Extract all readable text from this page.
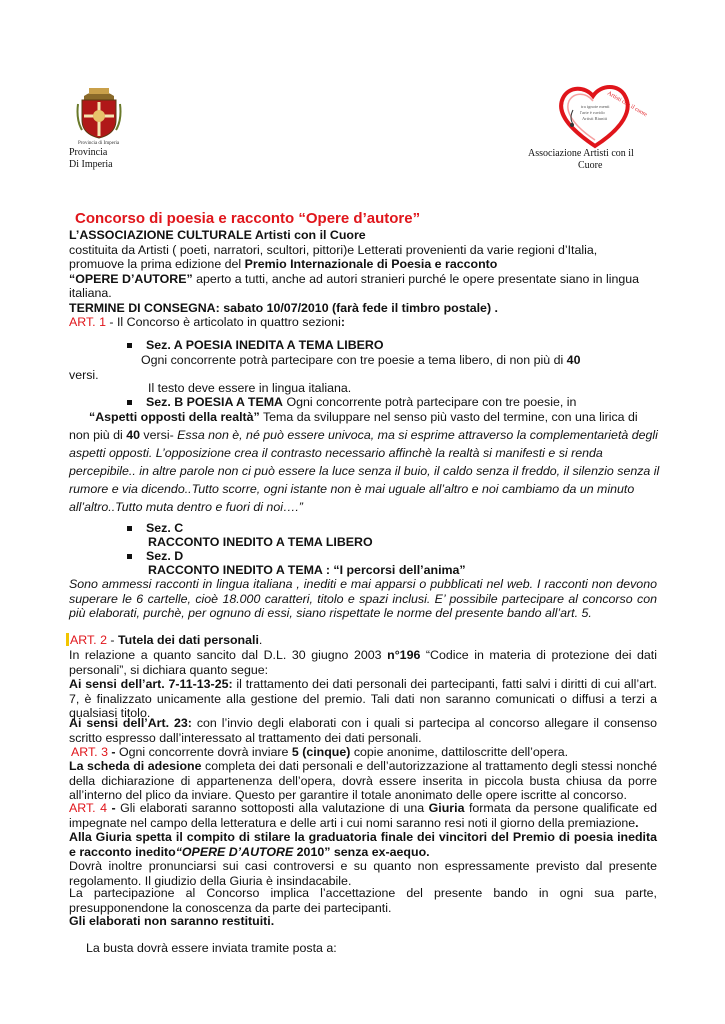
Provincia di Imperia
Provincia
Di Imperia
Artisti con il cuore
tra ignote menti
l'arte è ruvido
Artisti Riuniti
Associazione Artisti con il
Cuore
Concorso di poesia e racconto “Opere d’autore”
L’ASSOCIAZIONE CULTURALE Artisti con il Cuore
costituita da Artisti ( poeti, narratori, scultori, pittori)e Letterati provenienti da varie regioni d’Italia,
promuove la prima edizione del Premio Internazionale di Poesia e racconto
“OPERE D’AUTORE” aperto a tutti, anche ad autori stranieri purché le opere presentate siano in lingua
italiana.
TERMINE DI CONSEGNA: sabato 10/07/2010 (farà fede il timbro postale) .
ART. 1 - Il Concorso è articolato in quattro sezioni:
Sez. A POESIA INEDITA A TEMA LIBERO
Ogni concorrente potrà partecipare con tre poesie a tema libero, di non più di 40
versi.
Il testo deve essere in lingua italiana.
Sez. B POESIA A TEMA Ogni concorrente potrà partecipare con tre poesie, in
“Aspetti opposti della realtà” Tema da sviluppare nel senso più vasto del termine, con una lirica di
non più di 40 versi- Essa non è, né può essere univoca, ma si esprime attraverso la complementarietà degli
aspetti opposti. L’opposizione crea il contrasto necessario affinchè la realtà si manifesti e si renda
percepibile.. in altre parole non ci può essere la luce senza il buio, il caldo senza il freddo, il silenzio senza il
rumore e via dicendo..Tutto scorre, ogni istante non è mai uguale all’altro e noi cambiamo da un minuto
all’altro..Tutto muta dentro e fuori di noi….”
Sez. C
RACCONTO INEDITO A TEMA LIBERO
Sez. D
RACCONTO INEDITO A TEMA : “I percorsi dell’anima”
Sono ammessi racconti in lingua italiana , inediti e mai apparsi o pubblicati nel web. I racconti non devono superare le 6 cartelle, cioè 18.000 caratteri, titolo e spazi inclusi. E’ possibile partecipare al concorso con più elaborati, purchè, per ognuno di essi, siano rispettate le norme del presente bando all’art. 5.
ART. 2 - Tutela dei dati personali.
In relazione a quanto sancito dal D.L. 30 giugno 2003 n°196 “Codice in materia di protezione dei dati personali”, si dichiara quanto segue:
Ai sensi dell’art. 7-11-13-25: il trattamento dei dati personali dei partecipanti, fatti salvi i diritti di cui all’art. 7, è finalizzato unicamente alla gestione del premio. Tali dati non saranno comunicati o diffusi a terzi a qualsiasi titolo.
Ai sensi dell’Art. 23: con l’invio degli elaborati con i quali si partecipa al concorso allegare il consenso scritto espresso dall’interessato al trattamento dei dati personali.
ART. 3 - Ogni concorrente dovrà inviare 5 (cinque) copie anonime, dattiloscritte dell’opera.
La scheda di adesione completa dei dati personali e dell’autorizzazione al trattamento degli stessi nonché della dichiarazione di appartenenza dell’opera, dovrà essere inserita in piccola busta chiusa da porre all’interno del plico da inviare. Questo per garantire il totale anonimato delle opere iscritte al concorso.
ART. 4 - Gli elaborati saranno sottoposti alla valutazione di una Giuria formata da persone qualificate ed impegnate nel campo della letteratura e delle arti i cui nomi saranno resi noti il giorno della premiazione.
Alla Giuria spetta il compito di stilare la graduatoria finale dei vincitori del Premio di poesia inedita e racconto inedito“OPERE D’AUTORE 2010” senza ex-aequo.
Dovrà inoltre pronunciarsi sui casi controversi e su quanto non espressamente previsto dal presente regolamento. Il giudizio della Giuria è insindacabile.
La partecipazione al Concorso implica l’accettazione del presente bando in ogni sua parte, presupponendone la conoscenza da parte dei partecipanti.
Gli elaborati non saranno restituiti.
La busta dovrà essere inviata tramite posta a:
